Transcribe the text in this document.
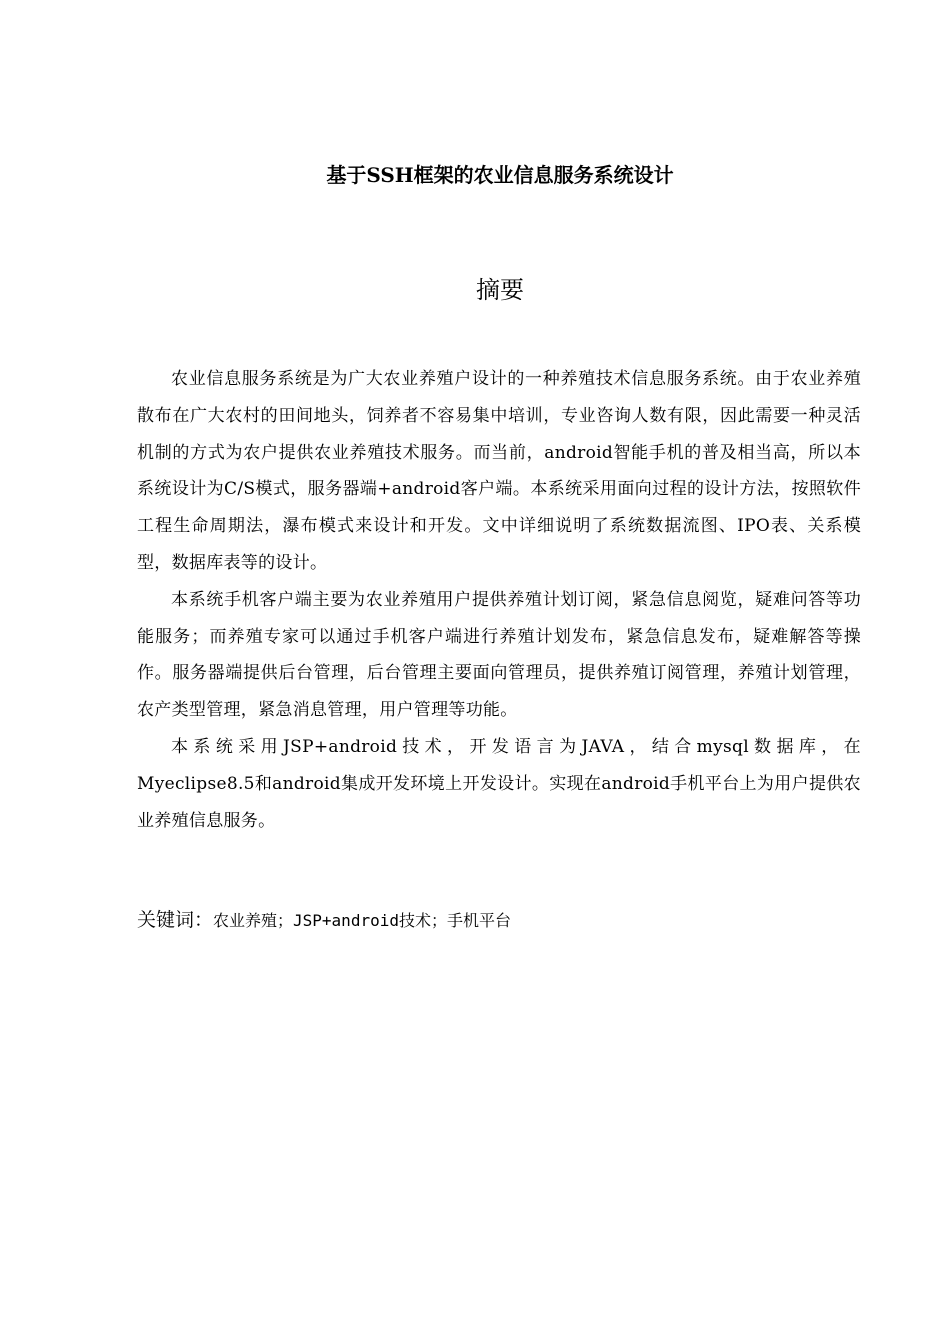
基于SSH框架的农业信息服务系统设计
摘要

农业信息服务系统是为广大农业养殖户设计的一种养殖技术信息服务系统。由于农业养殖散布在广大农村的田间地头，饲养者不容易集中培训，专业咨询人数有限，因此需要一种灵活机制的方式为农户提供农业养殖技术服务。而当前，android智能手机的普及相当高，所以本系统设计为C/S模式，服务器端+android客户端。本系统采用面向过程的设计方法，按照软件工程生命周期法，瀑布模式来设计和开发。文中详细说明了系统数据流图、IPO表、关系模型，数据库表等的设计。

本系统手机客户端主要为农业养殖用户提供养殖计划订阅，紧急信息阅览，疑难问答等功能服务；而养殖专家可以通过手机客户端进行养殖计划发布，紧急信息发布，疑难解答等操作。服务器端提供后台管理，后台管理主要面向管理员，提供养殖订阅管理，养殖计划管理，农产类型管理，紧急消息管理，用户管理等功能。

本系统采用JSP+android技术，开发语言为JAVA，结合mysql数据库，在Myeclipse8.5和android集成开发环境上开发设计。实现在android手机平台上为用户提供农业养殖信息服务。

关键词：农业养殖；JSP+android技术；手机平台
